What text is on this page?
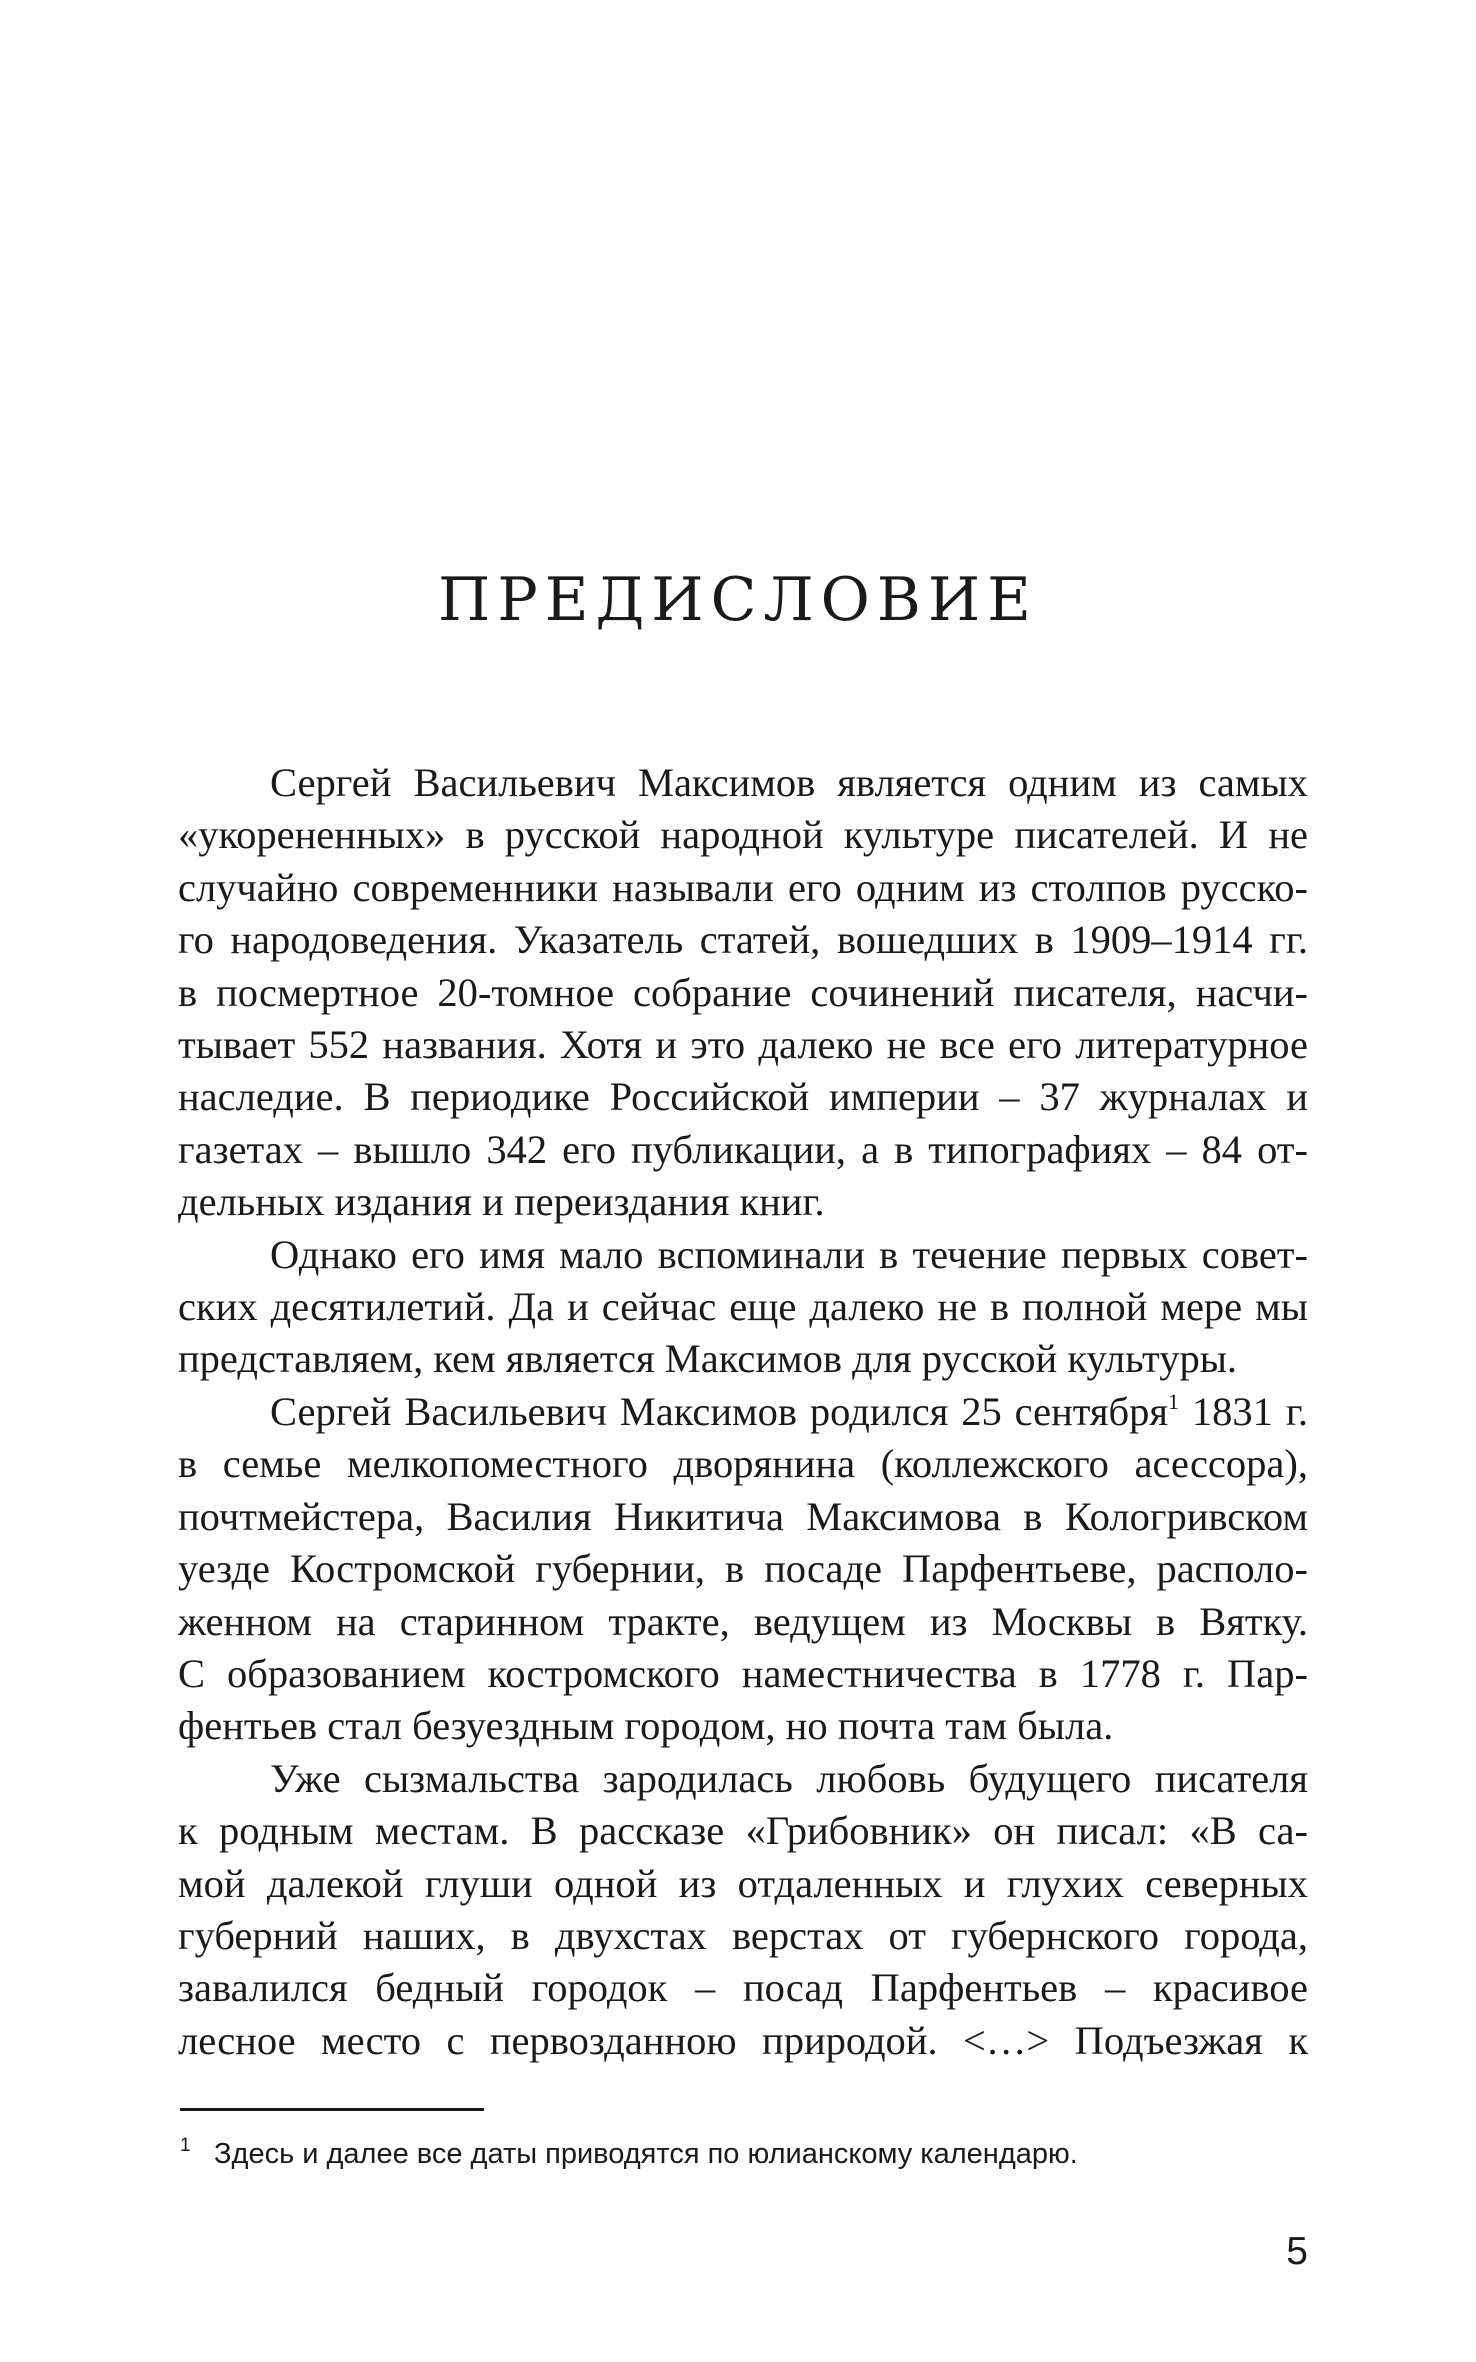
ПРЕДИСЛОВИЕ

Сергей Васильевич Максимов является одним из самых
«укорененных» в русской народной культуре писателей. И не
случайно современники называли его одним из столпов русско-
го народоведения. Указатель статей, вошедших в 1909–1914 гг.
в посмертное 20-томное собрание сочинений писателя, насчи-
тывает 552 названия. Хотя и это далеко не все его литературное
наследие. В периодике Российской империи – 37 журналах и
газетах – вышло 342 его публикации, а в типографиях – 84 от-
дельных издания и переиздания книг.

Однако его имя мало вспоминали в течение первых совет-
ских десятилетий. Да и сейчас еще далеко не в полной мере мы
представляем, кем является Максимов для русской культуры.

Сергей Васильевич Максимов родился 25 сентября$^1$ 1831 г.
в семье мелкопоместного дворянина (коллежского асессора),
почтмейстера, Василия Никитича Максимова в Кологривском
уезде Костромской губернии, в посаде Парфентьеве, располо-
женном на старинном тракте, ведущем из Москвы в Вятку.
С образованием костромского наместничества в 1778 г. Пар-
фентьев стал безуездным городом, но почта там была.

Уже сызмальства зародилась любовь будущего писателя
к родным местам. В рассказе «Грибовник» он писал: «В са-
мой далекой глуши одной из отдаленных и глухих северных
губерний наших, в двухстах верстах от губернского города,
завалился бедный городок – посад Парфентьев – красивое
лесное место с первозданною природой. <…> Подъезжая к

1 Здесь и далее все даты приводятся по юлианскому календарю.
5
